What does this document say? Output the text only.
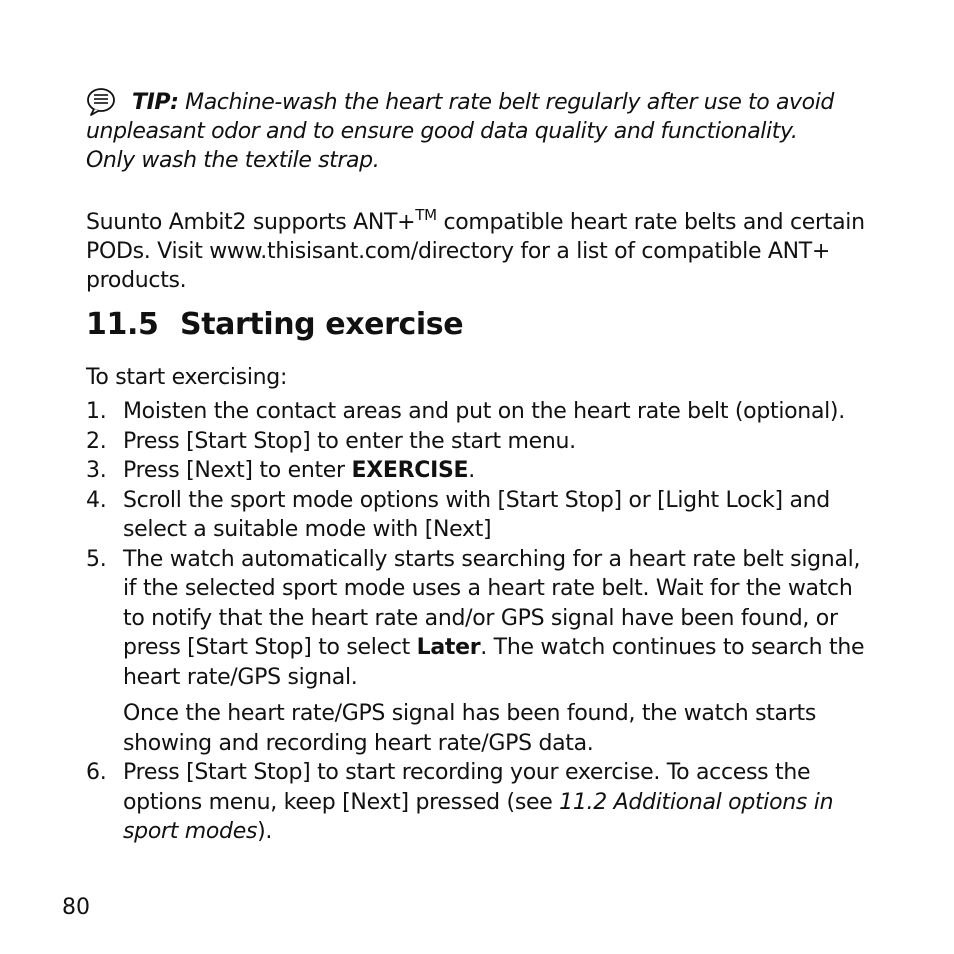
TIP: Machine-wash the heart rate belt regularly after use to avoid unpleasant odor and to ensure good data quality and functionality. Only wash the textile strap.
Suunto Ambit2 supports ANT+™ compatible heart rate belts and certain PODs. Visit www.thisisant.com/directory for a list of compatible ANT+ products.
11.5 Starting exercise
To start exercising:
1. Moisten the contact areas and put on the heart rate belt (optional).
2. Press [Start Stop] to enter the start menu.
3. Press [Next] to enter EXERCISE.
4. Scroll the sport mode options with [Start Stop] or [Light Lock] and select a suitable mode with [Next]
5. The watch automatically starts searching for a heart rate belt signal, if the selected sport mode uses a heart rate belt. Wait for the watch to notify that the heart rate and/or GPS signal have been found, or press [Start Stop] to select Later. The watch continues to search the heart rate/GPS signal.
Once the heart rate/GPS signal has been found, the watch starts showing and recording heart rate/GPS data.
6. Press [Start Stop] to start recording your exercise. To access the options menu, keep [Next] pressed (see 11.2 Additional options in sport modes).
80
